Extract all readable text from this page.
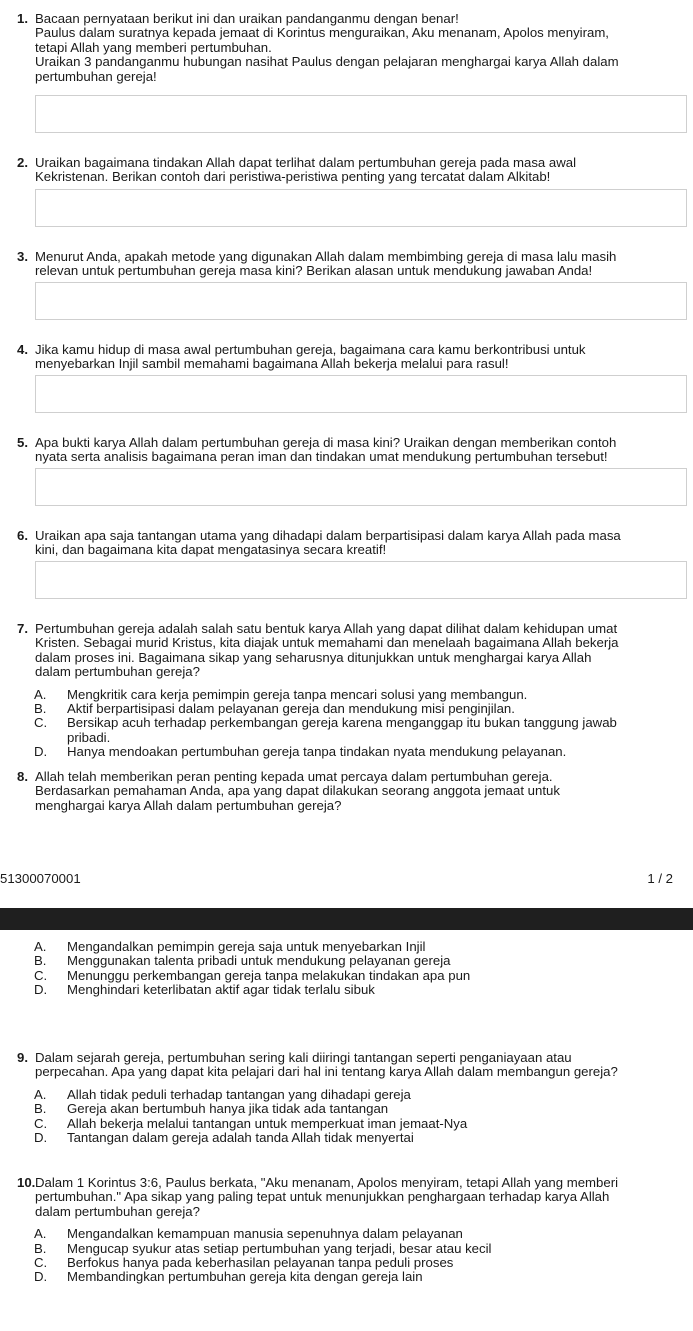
1. Bacaan pernyataan berikut ini dan uraikan pandanganmu dengan benar!
Paulus dalam suratnya kepada jemaat di Korintus menguraikan, Aku menanam, Apolos menyiram,
tetapi Allah yang memberi pertumbuhan.
Uraikan 3 pandanganmu hubungan nasihat Paulus dengan pelajaran menghargai karya Allah dalam
pertumbuhan gereja!
2. Uraikan bagaimana tindakan Allah dapat terlihat dalam pertumbuhan gereja pada masa awal
Kekristenan. Berikan contoh dari peristiwa-peristiwa penting yang tercatat dalam Alkitab!
3. Menurut Anda, apakah metode yang digunakan Allah dalam membimbing gereja di masa lalu masih
relevan untuk pertumbuhan gereja masa kini? Berikan alasan untuk mendukung jawaban Anda!
4. Jika kamu hidup di masa awal pertumbuhan gereja, bagaimana cara kamu berkontribusi untuk
menyebarkan Injil sambil memahami bagaimana Allah bekerja melalui para rasul!
5. Apa bukti karya Allah dalam pertumbuhan gereja di masa kini? Uraikan dengan memberikan contoh
nyata serta analisis bagaimana peran iman dan tindakan umat mendukung pertumbuhan tersebut!
6. Uraikan apa saja tantangan utama yang dihadapi dalam berpartisipasi dalam karya Allah pada masa
kini, dan bagaimana kita dapat mengatasinya secara kreatif!
7. Pertumbuhan gereja adalah salah satu bentuk karya Allah yang dapat dilihat dalam kehidupan umat
Kristen. Sebagai murid Kristus, kita diajak untuk memahami dan menelaah bagaimana Allah bekerja
dalam proses ini. Bagaimana sikap yang seharusnya ditunjukkan untuk menghargai karya Allah
dalam pertumbuhan gereja?
A.	Mengkritik cara kerja pemimpin gereja tanpa mencari solusi yang membangun.
B.	Aktif berpartisipasi dalam pelayanan gereja dan mendukung misi penginjilan.
C.	Bersikap acuh terhadap perkembangan gereja karena menganggap itu bukan tanggung jawab
pribadi.
D.	Hanya mendoakan pertumbuhan gereja tanpa tindakan nyata mendukung pelayanan.
8. Allah telah memberikan peran penting kepada umat percaya dalam pertumbuhan gereja.
Berdasarkan pemahaman Anda, apa yang dapat dilakukan seorang anggota jemaat untuk
menghargai karya Allah dalam pertumbuhan gereja?
51300070001	1 / 2
A.	Mengandalkan pemimpin gereja saja untuk menyebarkan Injil
B.	Menggunakan talenta pribadi untuk mendukung pelayanan gereja
C.	Menunggu perkembangan gereja tanpa melakukan tindakan apa pun
D.	Menghindari keterlibatan aktif agar tidak terlalu sibuk
9. Dalam sejarah gereja, pertumbuhan sering kali diiringi tantangan seperti penganiayaan atau
perpecahan. Apa yang dapat kita pelajari dari hal ini tentang karya Allah dalam membangun gereja?
A.	Allah tidak peduli terhadap tantangan yang dihadapi gereja
B.	Gereja akan bertumbuh hanya jika tidak ada tantangan
C.	Allah bekerja melalui tantangan untuk memperkuat iman jemaat-Nya
D.	Tantangan dalam gereja adalah tanda Allah tidak menyertai
10. Dalam 1 Korintus 3:6, Paulus berkata, "Aku menanam, Apolos menyiram, tetapi Allah yang memberi
pertumbuhan." Apa sikap yang paling tepat untuk menunjukkan penghargaan terhadap karya Allah
dalam pertumbuhan gereja?
A.	Mengandalkan kemampuan manusia sepenuhnya dalam pelayanan
B.	Mengucap syukur atas setiap pertumbuhan yang terjadi, besar atau kecil
C.	Berfokus hanya pada keberhasilan pelayanan tanpa peduli proses
D.	Membandingkan pertumbuhan gereja kita dengan gereja lain
